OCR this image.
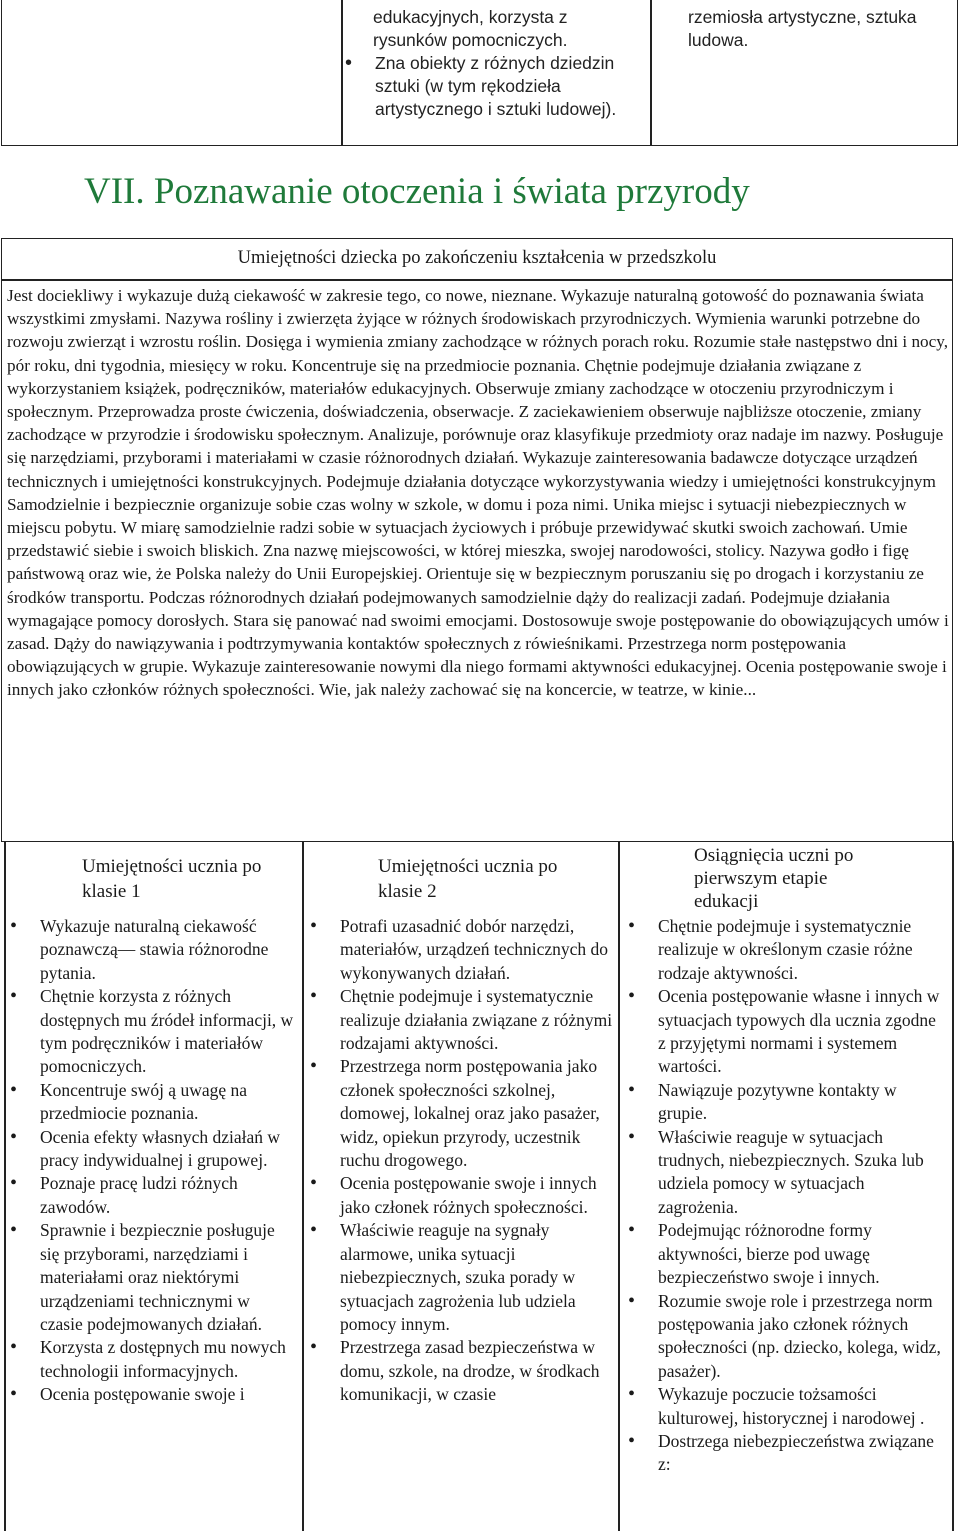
edukacyjnych, korzysta z rysunków pomocniczych.
• Zna obiekty z różnych dziedzin sztuki (w tym rękodzieła artystycznego i sztuki ludowej).
rzemiosła artystyczne, sztuka ludowa.
VII. Poznawanie otoczenia i świata przyrody
Umiejętności dziecka po zakończeniu kształcenia w przedszkolu
Jest dociekliwy i wykazuje dużą ciekawość w zakresie tego, co nowe, nieznane. Wykazuje naturalną gotowość do poznawania świata wszystkimi zmysłami. Nazywa rośliny i zwierzęta żyjące w różnych środowiskach przyrodniczych. Wymienia warunki potrzebne do rozwoju zwierząt i wzrostu roślin. Dosięga i wymienia zmiany zachodzące w różnych porach roku. Rozumie stałe następstwo dni i nocy, pór roku, dni tygodnia, miesięcy w roku. Koncentruje się na przedmiocie poznania. Chętnie podejmuje działania związane z wykorzystaniem książek, podręczników, materiałów edukacyjnych. Obserwuje zmiany zachodzące w otoczeniu przyrodniczym i społecznym. Przeprowadza proste ćwiczenia, doświadczenia, obserwacje. Z zaciekawieniem obserwuje najbliższe otoczenie, zmiany zachodzące w przyrodzie i środowisku społecznym. Analizuje, porównuje oraz klasyfikuje przedmioty oraz nadaje im nazwy. Posługuje się narzędziami, przyborami i materiałami w czasie różnorodnych działań. Wykazuje zainteresowania badawcze dotyczące urządzeń technicznych i umiejętności konstrukcyjnych. Podejmuje działania dotyczące wykorzystywania wiedzy i umiejętności konstrukcyjnym Samodzielnie i bezpiecznie organizuje sobie czas wolny w szkole, w domu i poza nimi. Unika miejsc i sytuacji niebezpiecznych w miejscu pobytu. W miarę samodzielnie radzi sobie w sytuacjach życiowych i próbuje przewidywać skutki swoich zachowań. Umie przedstawić siebie i swoich bliskich. Zna nazwę miejscowości, w której mieszka, swojej narodowości, stolicy. Nazywa godło i figę państwową oraz wie, że Polska należy do Unii Europejskiej. Orientuje się w bezpiecznym poruszaniu się po drogach i korzystaniu ze środków transportu. Podczas różnorodnych działań podejmowanych samodzielnie dąży do realizacji zadań. Podejmuje działania wymagające pomocy dorosłych. Stara się panować nad swoimi emocjami. Dostosowuje swoje postępowanie do obowiązujących umów i zasad. Dąży do nawiązywania i podtrzymywania kontaktów społecznych z rówieśnikami. Przestrzega norm postępowania obowiązujących w grupie. Wykazuje zainteresowanie nowymi dla niego formami aktywności edukacyjnej. Ocenia postępowanie swoje i innych jako członków różnych społeczności. Wie, jak należy zachować się na koncercie, w teatrze, w kinie...
Umiejętności ucznia po klasie 1
Umiejętności ucznia po klasie 2
Osiągnięcia uczni po pierwszym etapie edukacji
• Wykazuje naturalną ciekawość poznawczą— stawia różnorodne pytania.
• Chętnie korzysta z różnych dostępnych mu źródeł informacji, w tym podręczników i materiałów pomocniczych.
• Koncentruje swój ą uwagę na przedmiocie poznania.
• Ocenia efekty własnych działań w pracy indywidualnej i grupowej.
• Poznaje pracę ludzi różnych zawodów.
• Sprawnie i bezpiecznie posługuje się przyborami, narzędziami i materiałami oraz niektórymi urządzeniami technicznymi w czasie podejmowanych działań.
• Korzysta z dostępnych mu nowych technologii informacyjnych.
• Ocenia postępowanie swoje i
• Potrafi uzasadnić dobór narzędzi, materiałów, urządzeń technicznych do wykonywanych działań.
• Chętnie podejmuje i systematycznie realizuje działania związane z różnymi rodzajami aktywności.
• Przestrzega norm postępowania jako członek społeczności szkolnej, domowej, lokalnej oraz jako pasażer, widz, opiekun przyrody, uczestnik ruchu drogowego.
• Ocenia postępowanie swoje i innych jako członek różnych społeczności.
• Właściwie reaguje na sygnały alarmowe, unika sytuacji niebezpiecznych, szuka porady w sytuacjach zagrożenia lub udziela pomocy innym.
• Przestrzega zasad bezpieczeństwa w domu, szkole, na drodze, w środkach komunikacji, w czasie
• Chętnie podejmuje i systematycznie realizuje w określonym czasie różne rodzaje aktywności.
• Ocenia postępowanie własne i innych w sytuacjach typowych dla ucznia zgodne z przyjętymi normami i systemem wartości.
• Nawiązuje pozytywne kontakty w grupie.
• Właściwie reaguje w sytuacjach trudnych, niebezpiecznych. Szuka lub udziela pomocy w sytuacjach zagrożenia.
• Podejmując różnorodne formy aktywności, bierze pod uwagę bezpieczeństwo swoje i innych.
• Rozumie swoje role i przestrzega norm postępowania jako członek różnych społeczności (np. dziecko, kolega, widz, pasażer).
• Wykazuje poczucie tożsamości kulturowej, historycznej i narodowej .
• Dostrzega niebezpieczeństwa związane z:
